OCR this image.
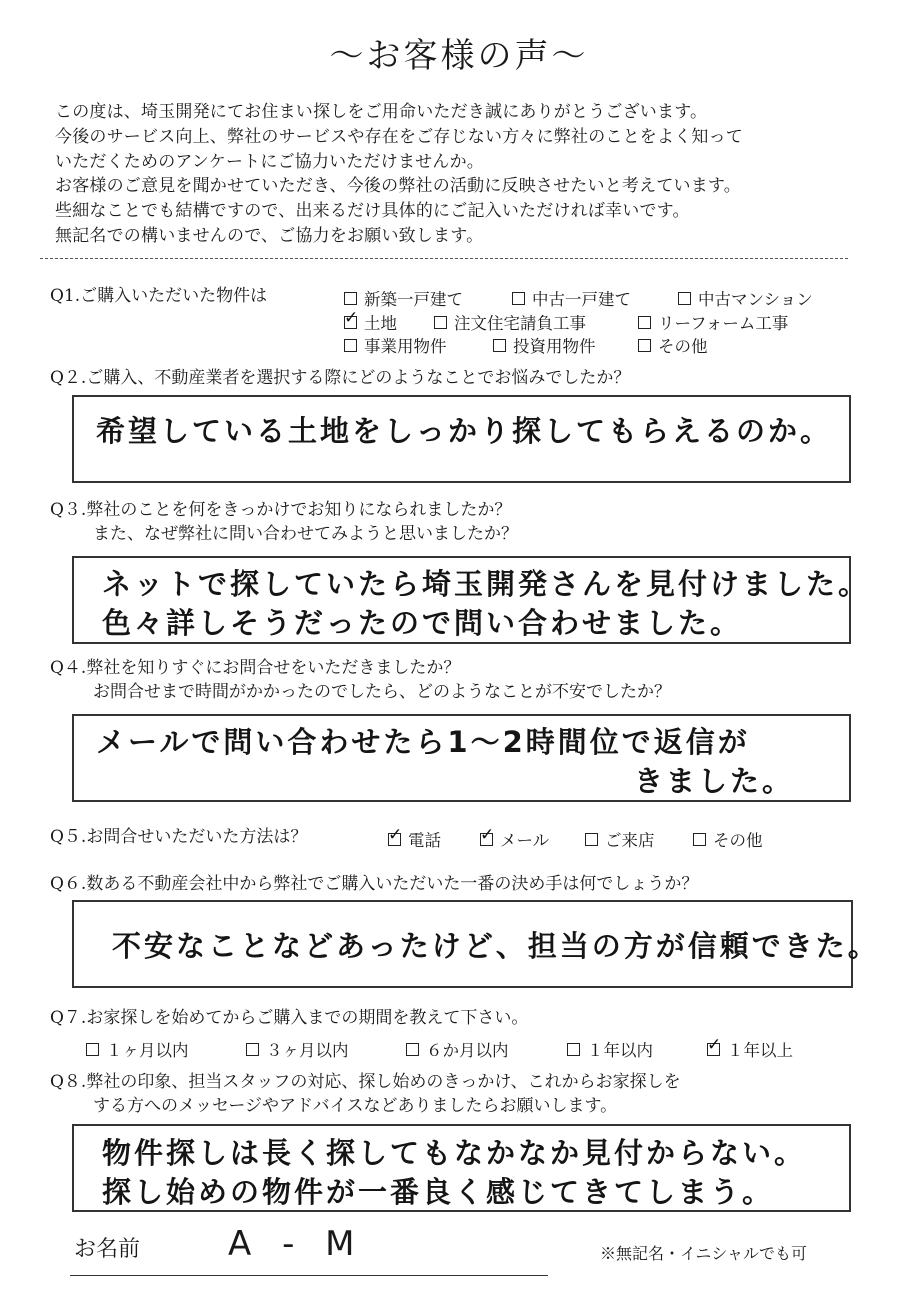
～お客様の声～
この度は、埼玉開発にてお住まい探しをご用命いただき誠にありがとうございます。
今後のサービス向上、弊社のサービスや存在をご存じない方々に弊社のことをよく知って
いただくためのアンケートにご協力いただけませんか。
お客様のご意見を聞かせていただき、今後の弊社の活動に反映させたいと考えています。
些細なことでも結構ですので、出来るだけ具体的にご記入いただければ幸いです。
無記名での構いませんので、ご協力をお願い致します。
Q1.ご購入いただいた物件は	新築一戸建て	中古一戸建て	中古マンション
✓
土地	注文住宅請負工事	リーフォーム工事
事業用物件	投資用物件	その他
Q２.ご購入、不動産業者を選択する際にどのようなことでお悩みでしたか？
希望している土地をしっかり探してもらえるのか。
Q３.弊社のことを何をきっかけでお知りになられましたか？
また、なぜ弊社に問い合わせてみようと思いましたか？
ネットで探していたら埼玉開発さんを見付けました。
色々詳しそうだったので問い合わせました。
Q４.弊社を知りすぐにお問合せをいただきましたか？
お問合せまで時間がかかったのでしたら、どのようなことが不安でしたか？
メールで問い合わせたら1～2時間位で返信が
きました。
Q５.お問合せいただいた方法は？ ✓	電話 ✓	メール	ご来店	その他
Q６.数ある不動産会社中から弊社でご購入いただいた一番の決め手は何でしょうか？
不安なことなどあったけど、担当の方が信頼できた。
Q７.お家探しを始めてからご購入までの期間を教えて下さい。
１ヶ月以内	３ヶ月以内	６か月以内	１年以内 ✓	１年以上
Q８.弊社の印象、担当スタッフの対応、探し始めのきっかけ、これからお家探しを
する方へのメッセージやアドバイスなどありましたらお願いします。
物件探しは長く探してもなかなか見付からない。
探し始めの物件が一番良く感じてきてしまう。
お名前	A - M	※無記名・イニシャルでも可
